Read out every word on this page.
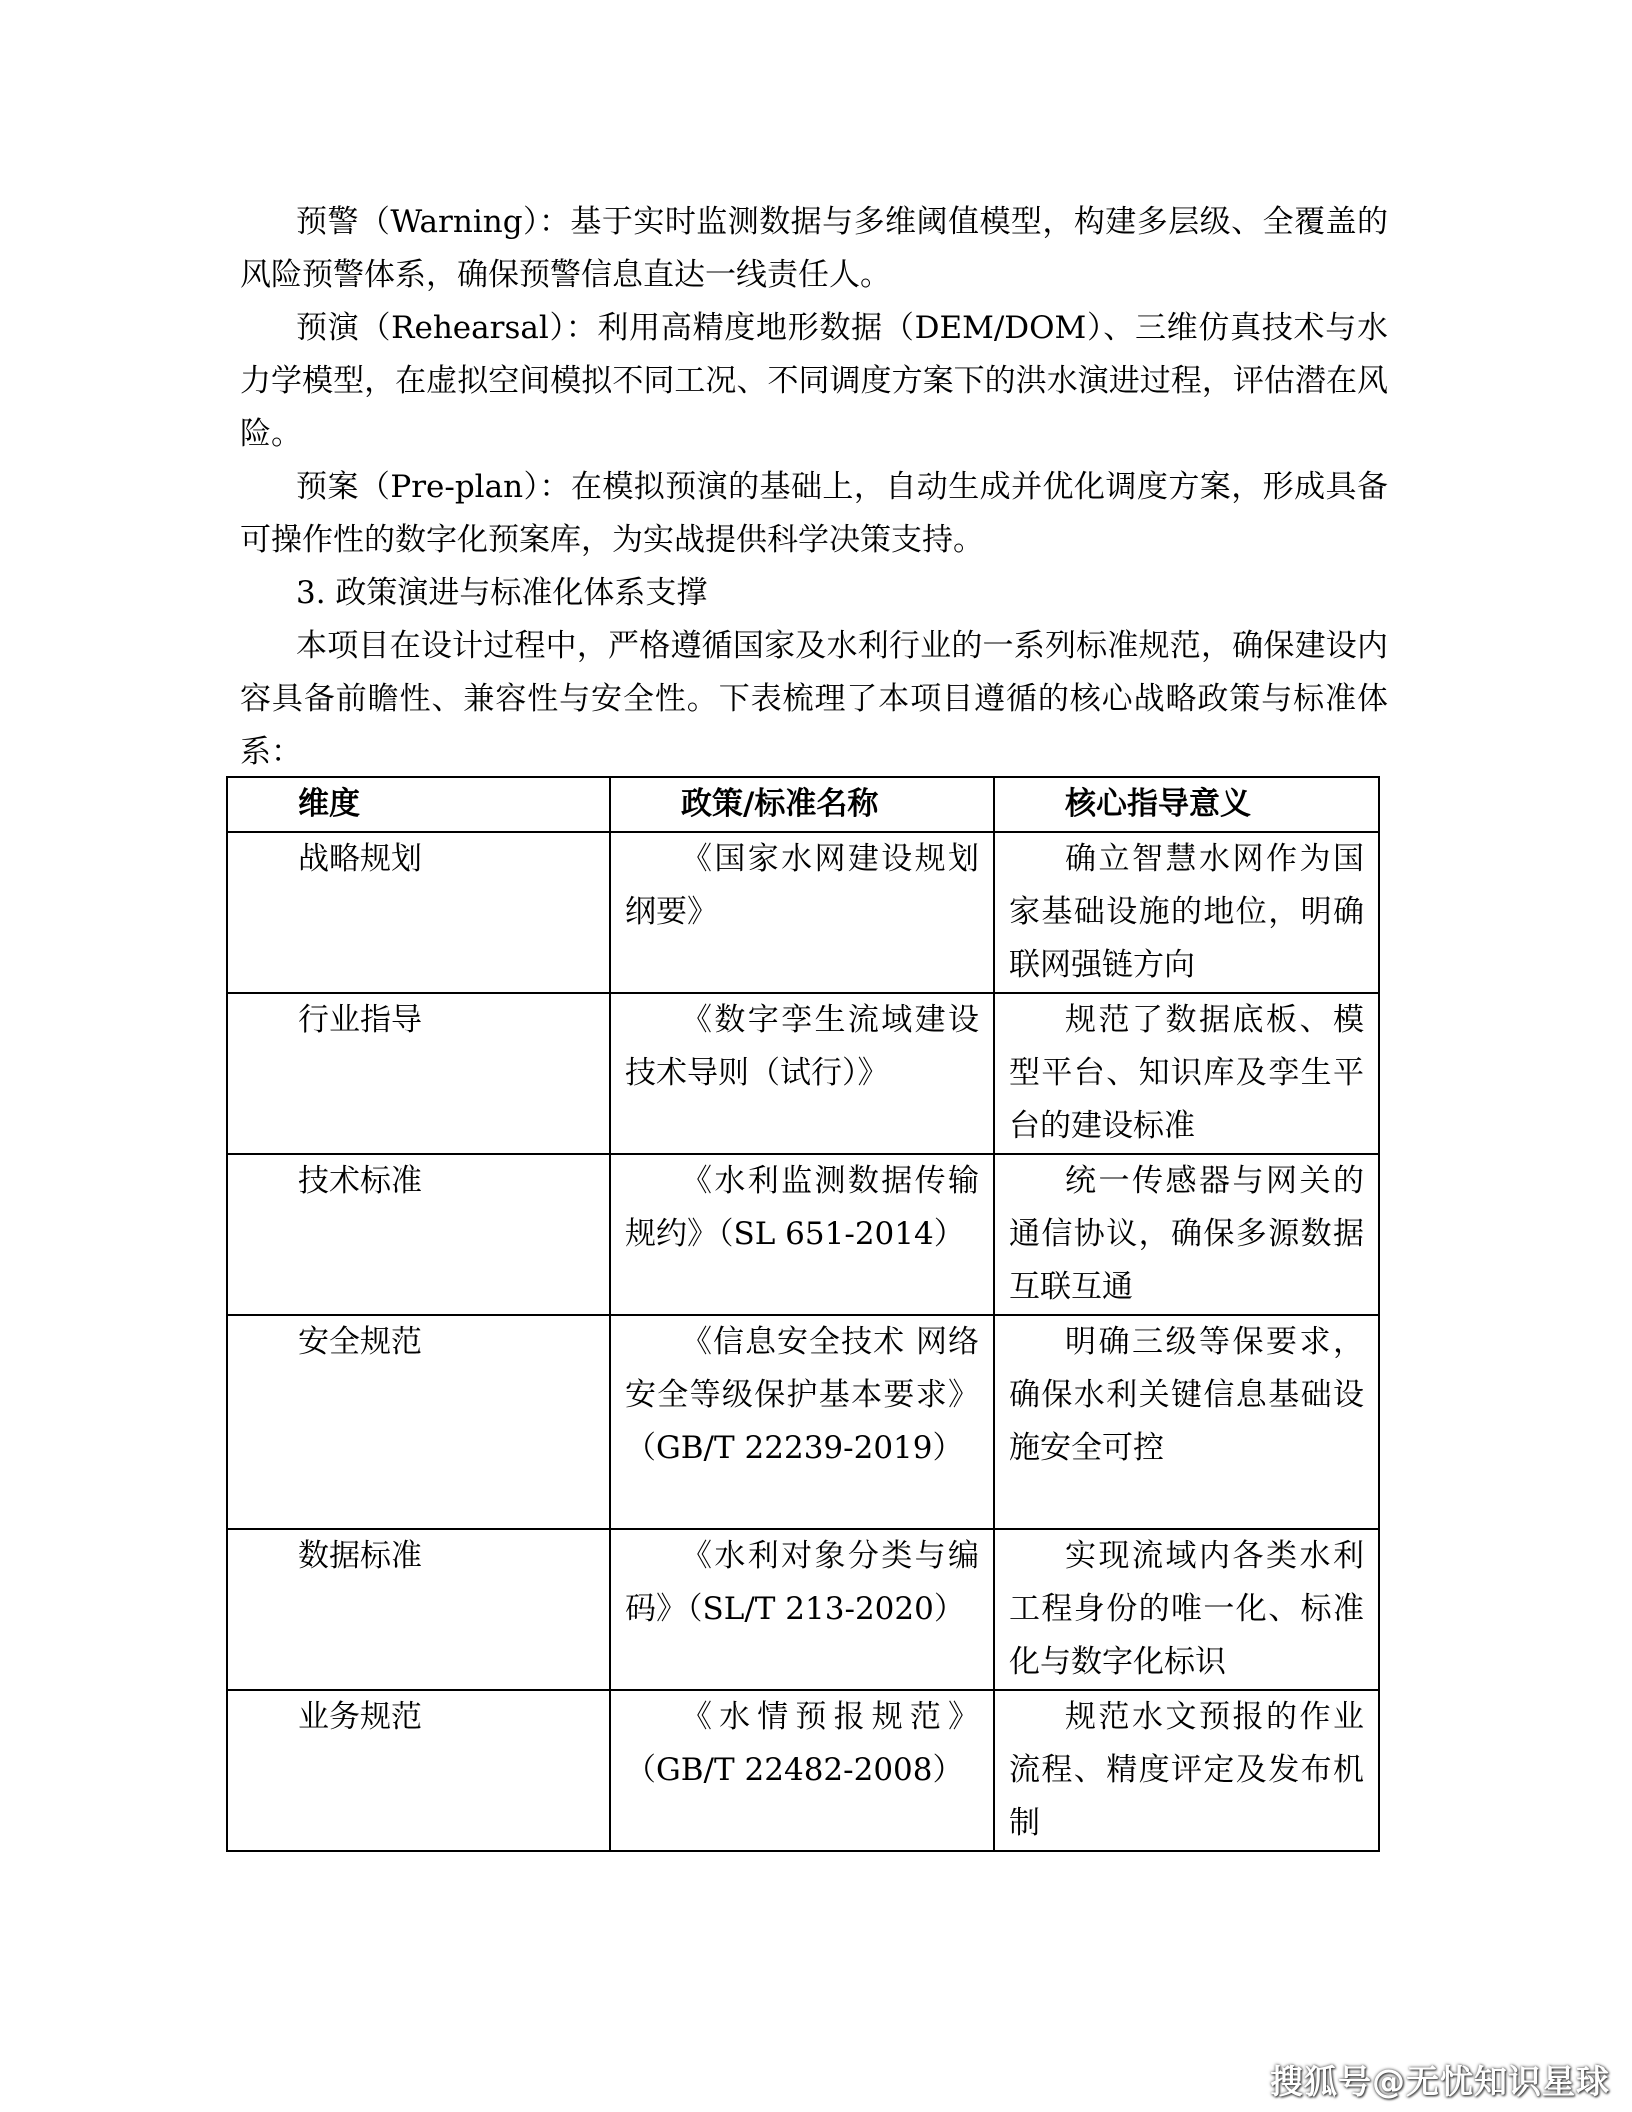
预警（Warning）：基于实时监测数据与多维阈值模型，构建多层级、全覆盖的风险预警体系，确保预警信息直达一线责任人。

预演（Rehearsal）：利用高精度地形数据（DEM/DOM）、三维仿真技术与水力学模型，在虚拟空间模拟不同工况、不同调度方案下的洪水演进过程，评估潜在风险。

预案（Pre-plan）：在模拟预演的基础上，自动生成并优化调度方案，形成具备可操作性的数字化预案库，为实战提供科学决策支持。

3. 政策演进与标准化体系支撑

本项目在设计过程中，严格遵循国家及水利行业的一系列标准规范，确保建设内容具备前瞻性、兼容性与安全性。下表梳理了本项目遵循的核心战略政策与标准体系：

维度	政策/标准名称	核心指导意义

战略规划	《国家水网建设规划纲要》	确立智慧水网作为国家基础设施的地位，明确联网强链方向
行业指导	《数字孪生流域建设技术导则（试行）》	规范了数据底板、模型平台、知识库及孪生平台的建设标准
技术标准	《水利监测数据传输规约》（SL 651-2014）	统一传感器与网关的通信协议，确保多源数据互联互通
安全规范	《信息安全技术 网络安全等级保护基本要求》（GB/T 22239-2019）	明确三级等保要求，确保水利关键信息基础设施安全可控
数据标准	《水利对象分类与编码》（SL/T 213-2020）	实现流域内各类水利工程身份的唯一化、标准化与数字化标识
业务规范	《水情预报规范》（GB/T 22482-2008）	规范水文预报的作业流程、精度评定及发布机制
搜狐号@无忧知识星球
